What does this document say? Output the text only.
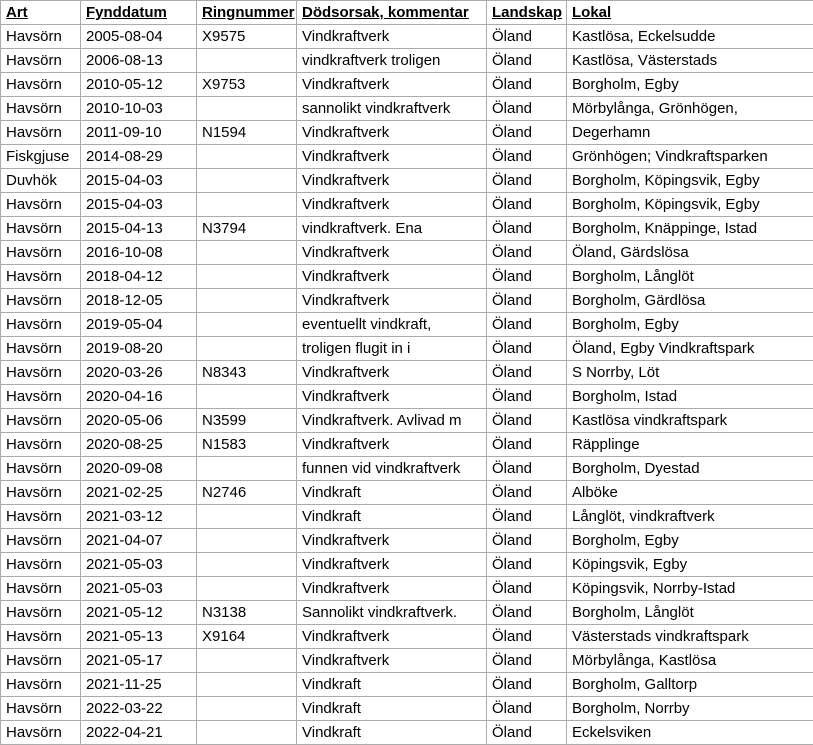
Art	Fynddatum	Ringnummer	Dödsorsak, kommentar	Landskap	Lokal
Havsörn	2005-08-04	X9575	Vindkraftverk	Öland	Kastlösa, Eckelsudde
Havsörn	2006-08-13		vindkraftverk troligen	Öland	Kastlösa, Västerstads
Havsörn	2010-05-12	X9753	Vindkraftverk	Öland	Borgholm, Egby
Havsörn	2010-10-03		sannolikt vindkraftverk	Öland	Mörbylånga, Grönhögen,
Havsörn	2011-09-10	N1594	Vindkraftverk	Öland	Degerhamn
Fiskgjuse	2014-08-29		Vindkraftverk	Öland	Grönhögen; Vindkraftsparken
Duvhök	2015-04-03		Vindkraftverk	Öland	Borgholm, Köpingsvik, Egby
Havsörn	2015-04-03		Vindkraftverk	Öland	Borgholm, Köpingsvik, Egby
Havsörn	2015-04-13	N3794	vindkraftverk. Ena	Öland	Borgholm, Knäppinge, Istad
Havsörn	2016-10-08		Vindkraftverk	Öland	Öland, Gärdslösa
Havsörn	2018-04-12		Vindkraftverk	Öland	Borgholm, Långlöt
Havsörn	2018-12-05		Vindkraftverk	Öland	Borgholm, Gärdlösa
Havsörn	2019-05-04		eventuellt vindkraft,	Öland	Borgholm, Egby
Havsörn	2019-08-20		troligen flugit in i	Öland	Öland, Egby Vindkraftspark
Havsörn	2020-03-26	N8343	Vindkraftverk	Öland	S Norrby, Löt
Havsörn	2020-04-16		Vindkraftverk	Öland	Borgholm, Istad
Havsörn	2020-05-06	N3599	Vindkraftverk. Avlivad m	Öland	Kastlösa vindkraftspark
Havsörn	2020-08-25	N1583	Vindkraftverk	Öland	Räpplinge
Havsörn	2020-09-08		funnen vid vindkraftverk	Öland	Borgholm, Dyestad
Havsörn	2021-02-25	N2746	Vindkraft	Öland	Alböke
Havsörn	2021-03-12		Vindkraft	Öland	Långlöt, vindkraftverk
Havsörn	2021-04-07		Vindkraftverk	Öland	Borgholm, Egby
Havsörn	2021-05-03		Vindkraftverk	Öland	Köpingsvik, Egby
Havsörn	2021-05-03		Vindkraftverk	Öland	Köpingsvik, Norrby-Istad
Havsörn	2021-05-12	N3138	Sannolikt vindkraftverk.	Öland	Borgholm, Långlöt
Havsörn	2021-05-13	X9164	Vindkraftverk	Öland	Västerstads vindkraftspark
Havsörn	2021-05-17		Vindkraftverk	Öland	Mörbylånga, Kastlösa
Havsörn	2021-11-25		Vindkraft	Öland	Borgholm, Galltorp
Havsörn	2022-03-22		Vindkraft	Öland	Borgholm, Norrby
Havsörn	2022-04-21		Vindkraft	Öland	Eckelsviken
